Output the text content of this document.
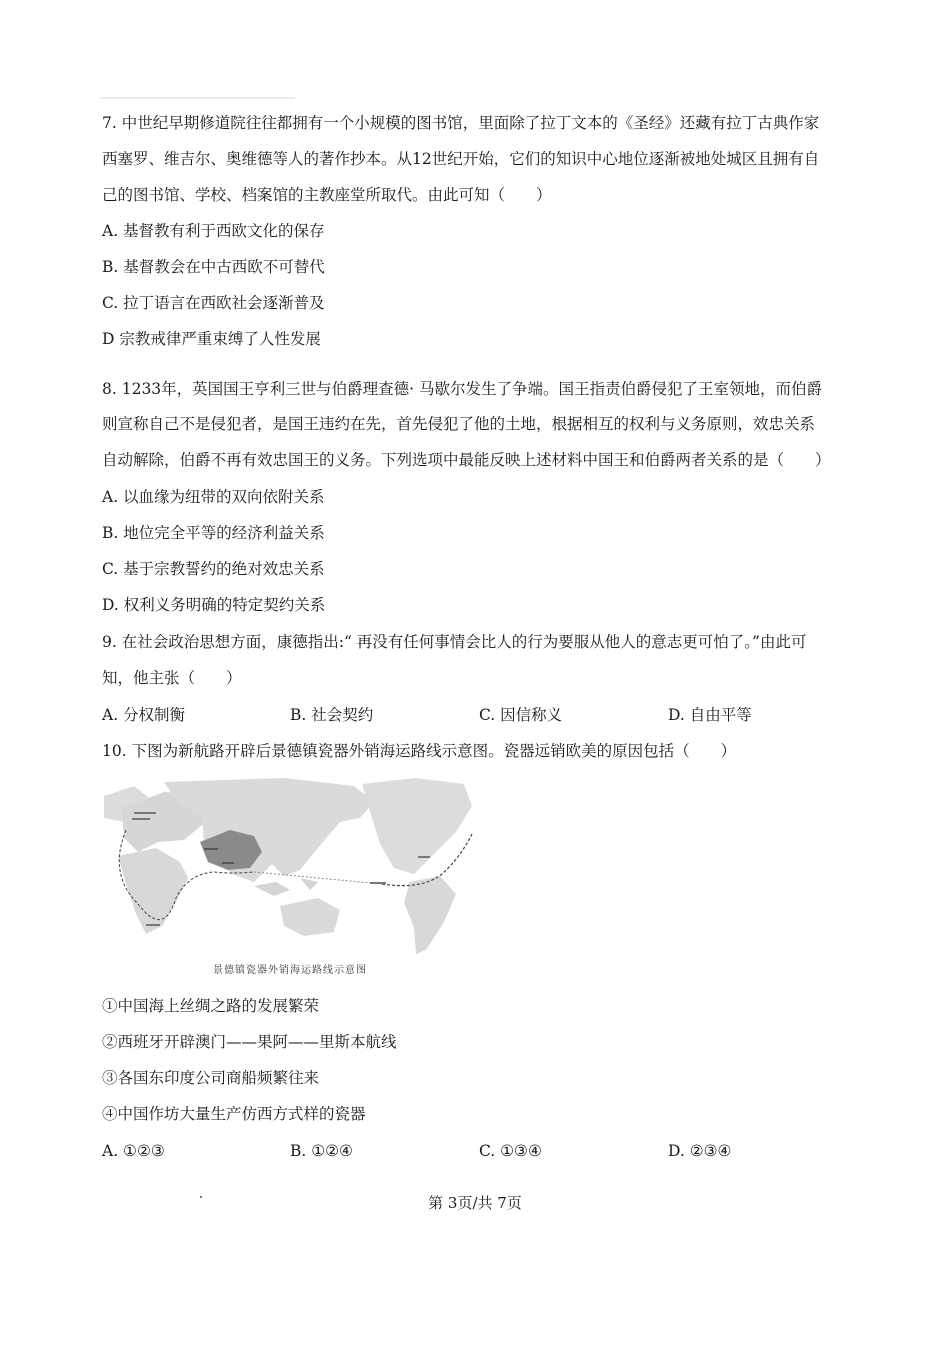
7. 中世纪早期修道院往往都拥有一个小规模的图书馆，里面除了拉丁文本的《圣经》还藏有拉丁古典作家
西塞罗、维吉尔、奥维德等人的著作抄本。从12世纪开始，它们的知识中心地位逐渐被地处城区且拥有自
己的图书馆、学校、档案馆的主教座堂所取代。由此可知（　　）
A. 基督教有利于西欧文化的保存
B. 基督教会在中古西欧不可替代
C. 拉丁语言在西欧社会逐渐普及
D 宗教戒律严重束缚了人性发展
8. 1233年，英国国王亨利三世与伯爵理查德· 马歇尔发生了争端。国王指责伯爵侵犯了王室领地，而伯爵
则宣称自己不是侵犯者，是国王违约在先，首先侵犯了他的土地，根据相互的权利与义务原则，效忠关系
自动解除，伯爵不再有效忠国王的义务。下列选项中最能反映上述材料中国王和伯爵两者关系的是（　　）
A. 以血缘为纽带的双向依附关系
B. 地位完全平等的经济利益关系
C. 基于宗教誓约的绝对效忠关系
D. 权利义务明确的特定契约关系
9. 在社会政治思想方面，康德指出:“ 再没有任何事情会比人的行为要服从他人的意志更可怕了。”由此可
知，他主张（　　）
A. 分权制衡	B. 社会契约	C. 因信称义	D. 自由平等
10. 下图为新航路开辟后景德镇瓷器外销海运路线示意图。瓷器远销欧美的原因包括（　　）
景德镇瓷器外销海运路线示意图
①中国海上丝绸之路的发展繁荣
②西班牙开辟澳门——果阿——里斯本航线
③各国东印度公司商船频繁往来
④中国作坊大量生产仿西方式样的瓷器
A. ①②③	B. ①②④	C. ①③④	D. ②③④
第 3页/共 7页
